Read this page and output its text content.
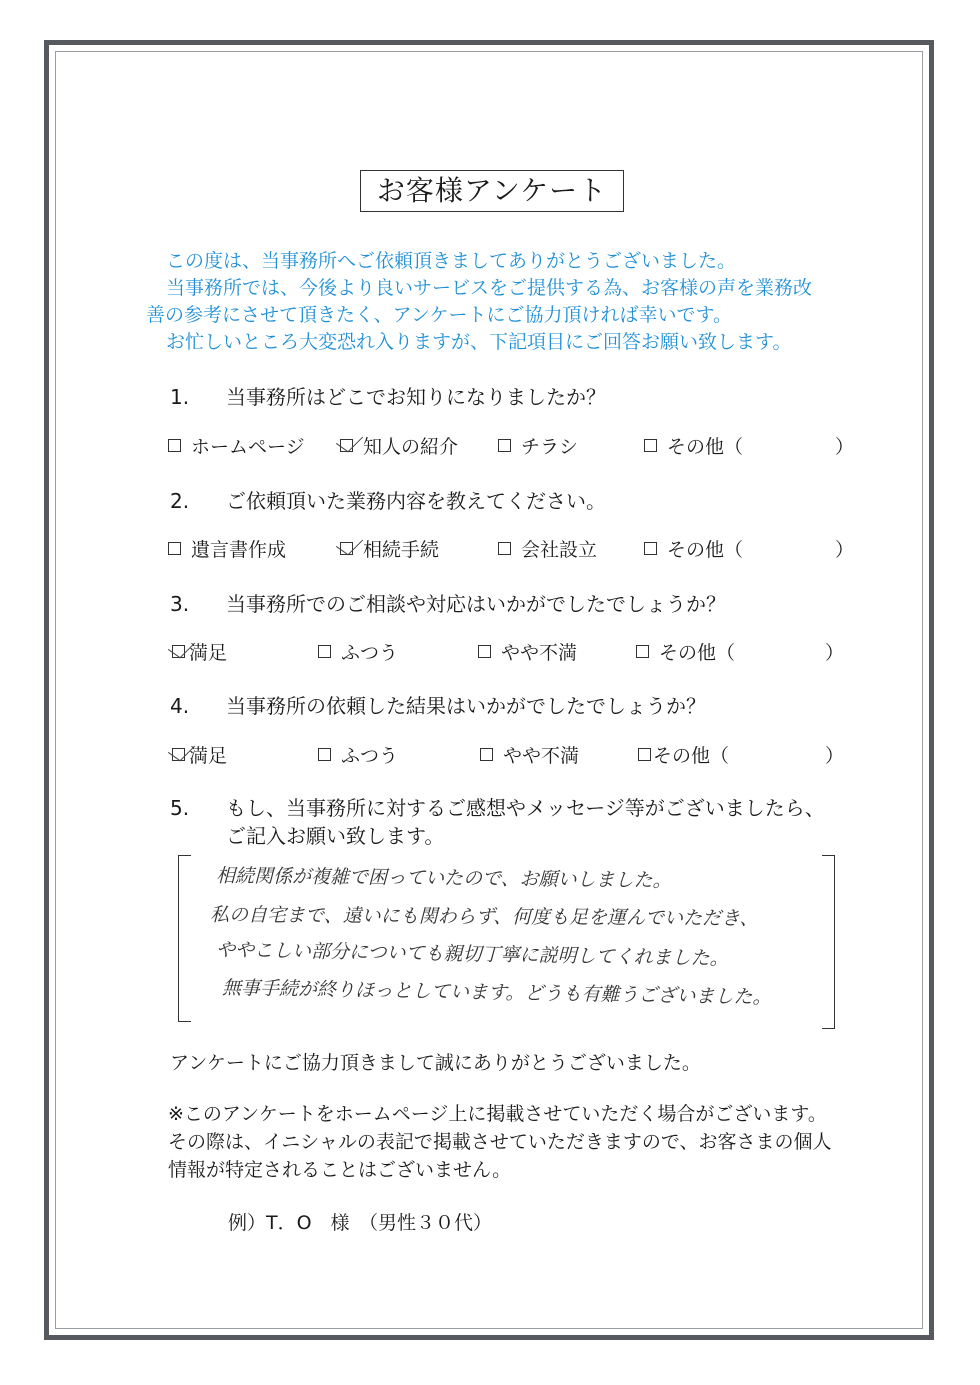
お客様アンケート
この度は、当事務所へご依頼頂きましてありがとうございました。
当事務所では、今後より良いサービスをご提供する為、お客様の声を業務改
善の参考にさせて頂きたく、アンケートにご協力頂ければ幸いです。
お忙しいところ大変恐れ入りますが、下記項目にご回答お願い致します。
1. 当事務所はどこでお知りになりましたか？
ホームページ	知人の紹介	チラシ	その他（	）
2. ご依頼頂いた業務内容を教えてください。
遺言書作成	相続手続	会社設立	その他（	）
3. 当事務所でのご相談や対応はいかがでしたでしょうか？
満足	ふつう	やや不満	その他（	）
4. 当事務所の依頼した結果はいかがでしたでしょうか？
満足	ふつう	やや不満	その他（	）
5. もし、当事務所に対するご感想やメッセージ等がございましたら、
ご記入お願い致します。
相続関係が複雑で困っていたので、お願いしました。
私の自宅まで、遠いにも関わらず、何度も足を運んでいただき、
ややこしい部分についても親切丁寧に説明してくれました。
無事手続が終りほっとしています。どうも有難うございました。
アンケートにご協力頂きまして誠にありがとうございました。
※このアンケートをホームページ上に掲載させていただく場合がございます。
その際は、イニシャルの表記で掲載させていただきますので、お客さまの個人
情報が特定されることはございません。
例）T．O　様　（男性３０代）
